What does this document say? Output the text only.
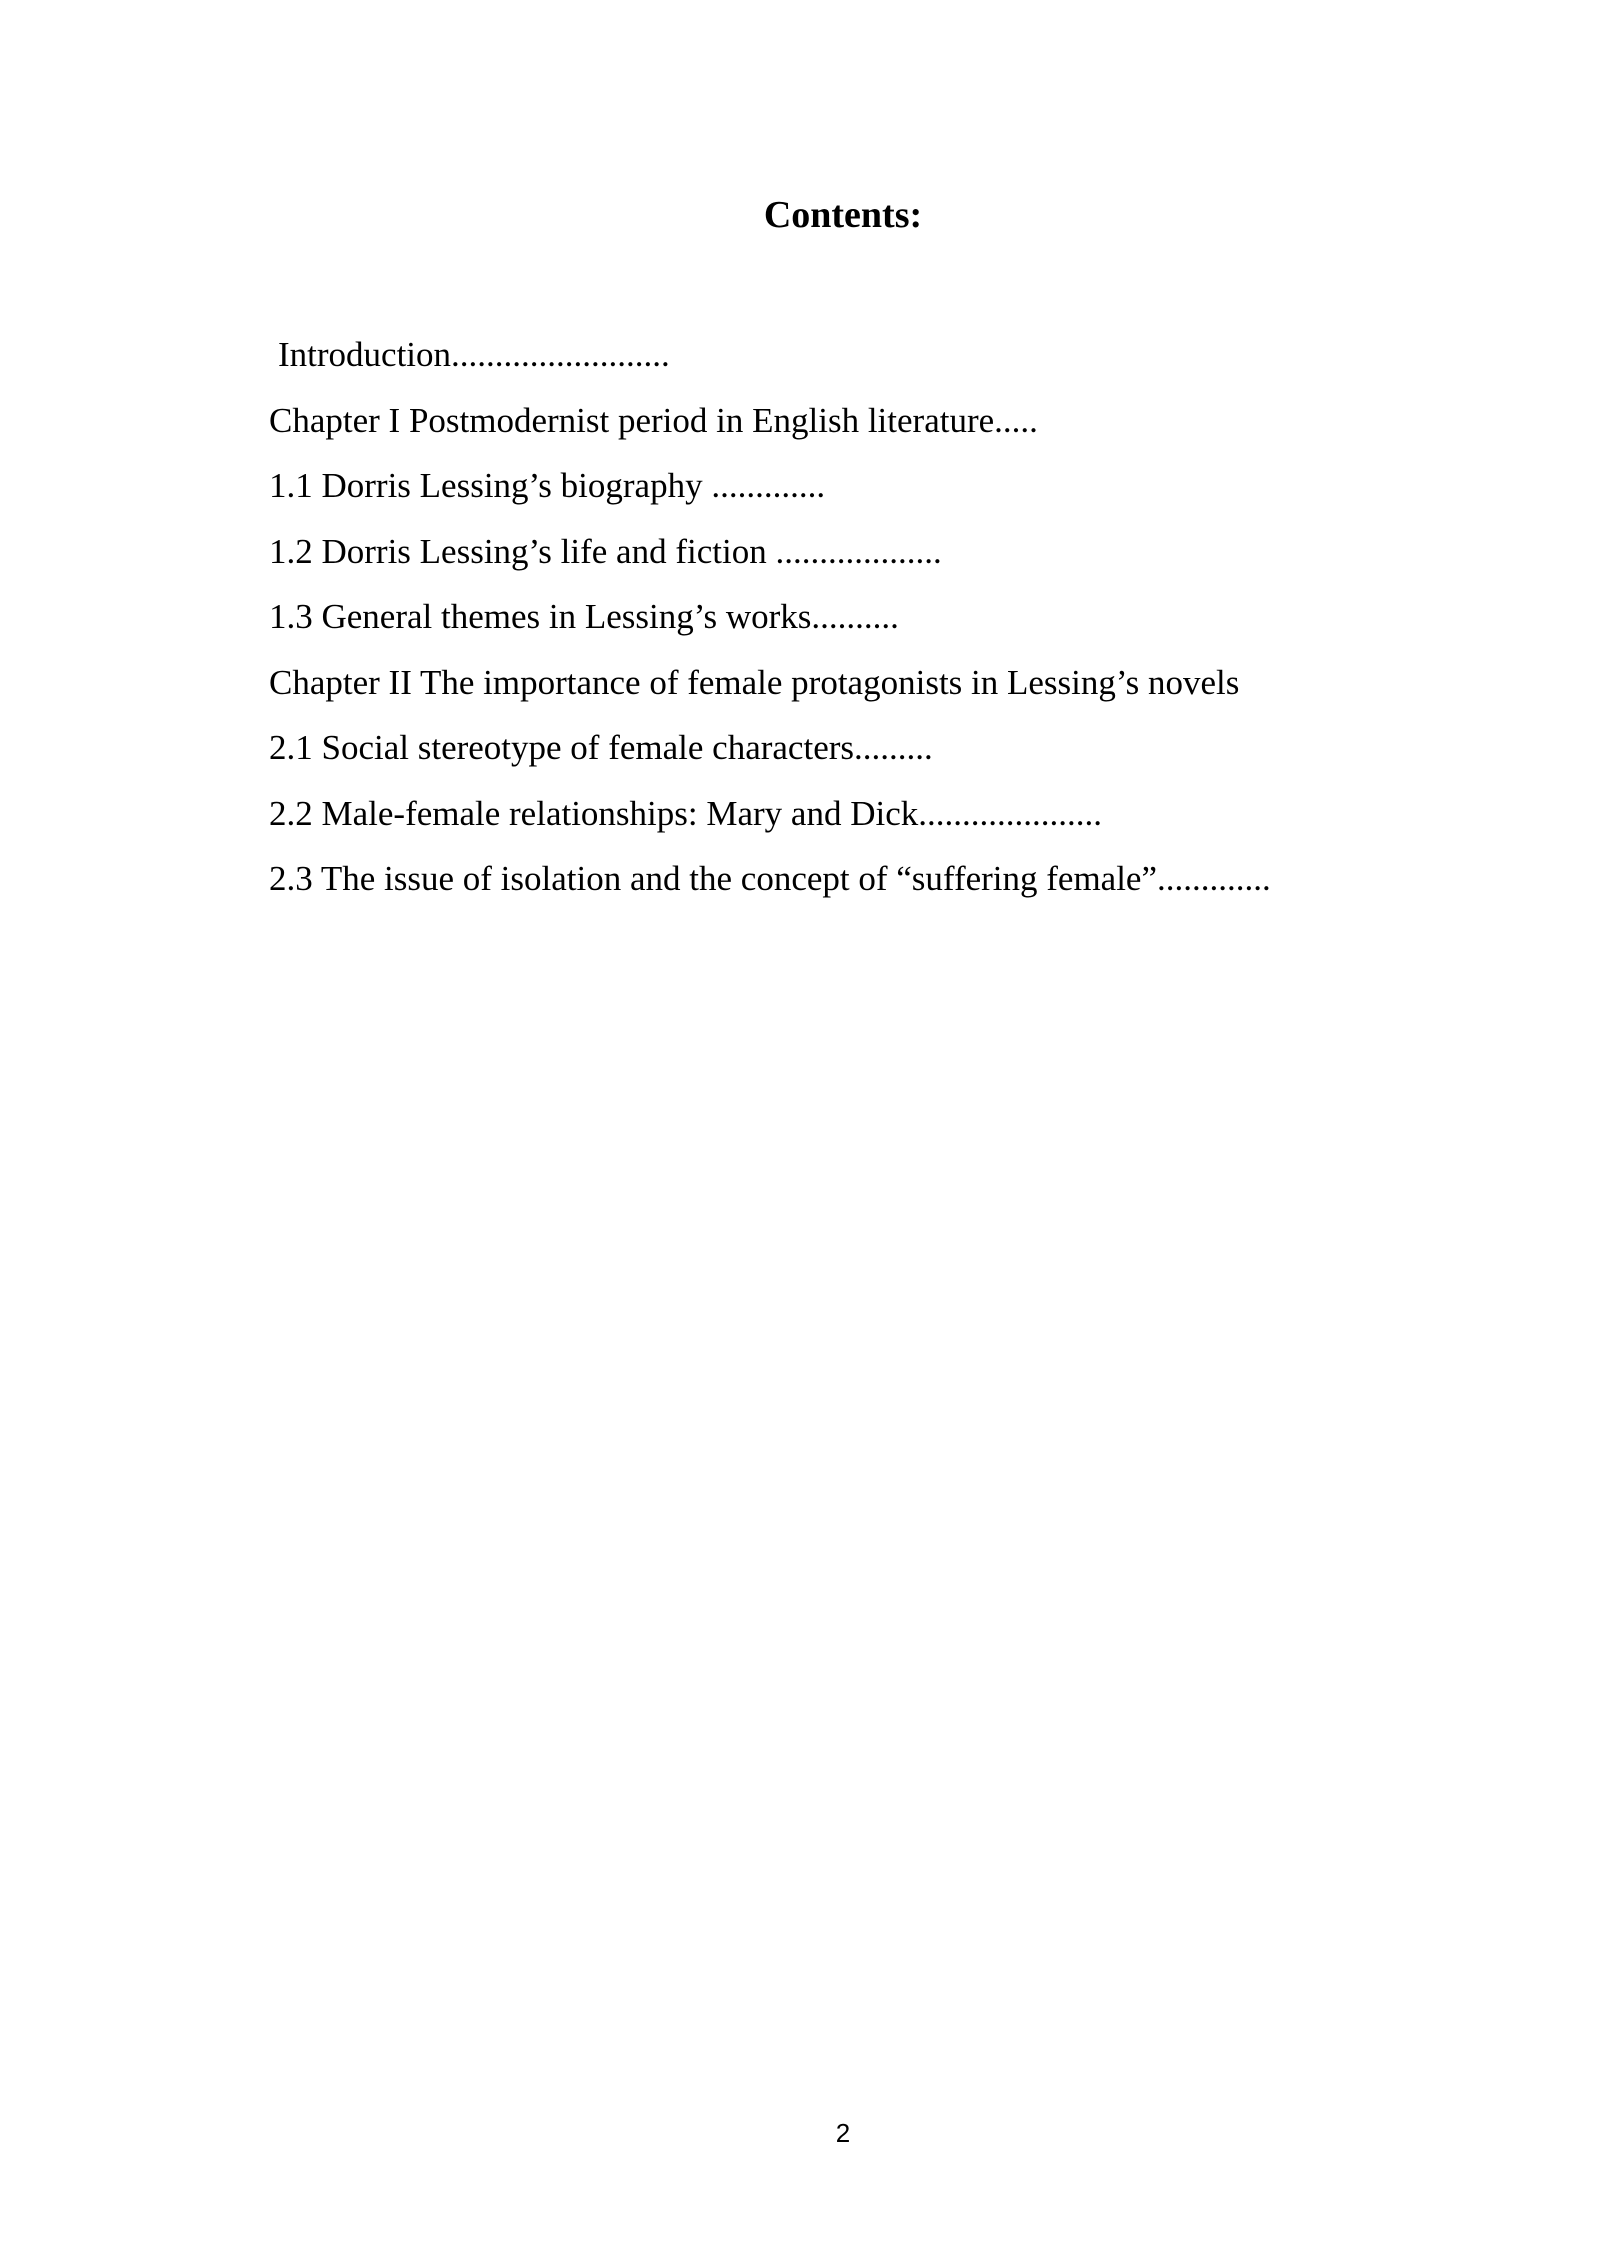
Contents:
Introduction.........................
Chapter I Postmodernist period in English literature.....
1.1 Dorris Lessing’s biography .............
1.2 Dorris Lessing’s life and fiction ...................
1.3 General themes in Lessing’s works..........
Chapter II The importance of female protagonists in Lessing’s novels
2.1 Social stereotype of female characters.........
2.2 Male-female relationships: Mary and Dick.....................
2.3 The issue of isolation and the concept of “suffering female”.............
2
